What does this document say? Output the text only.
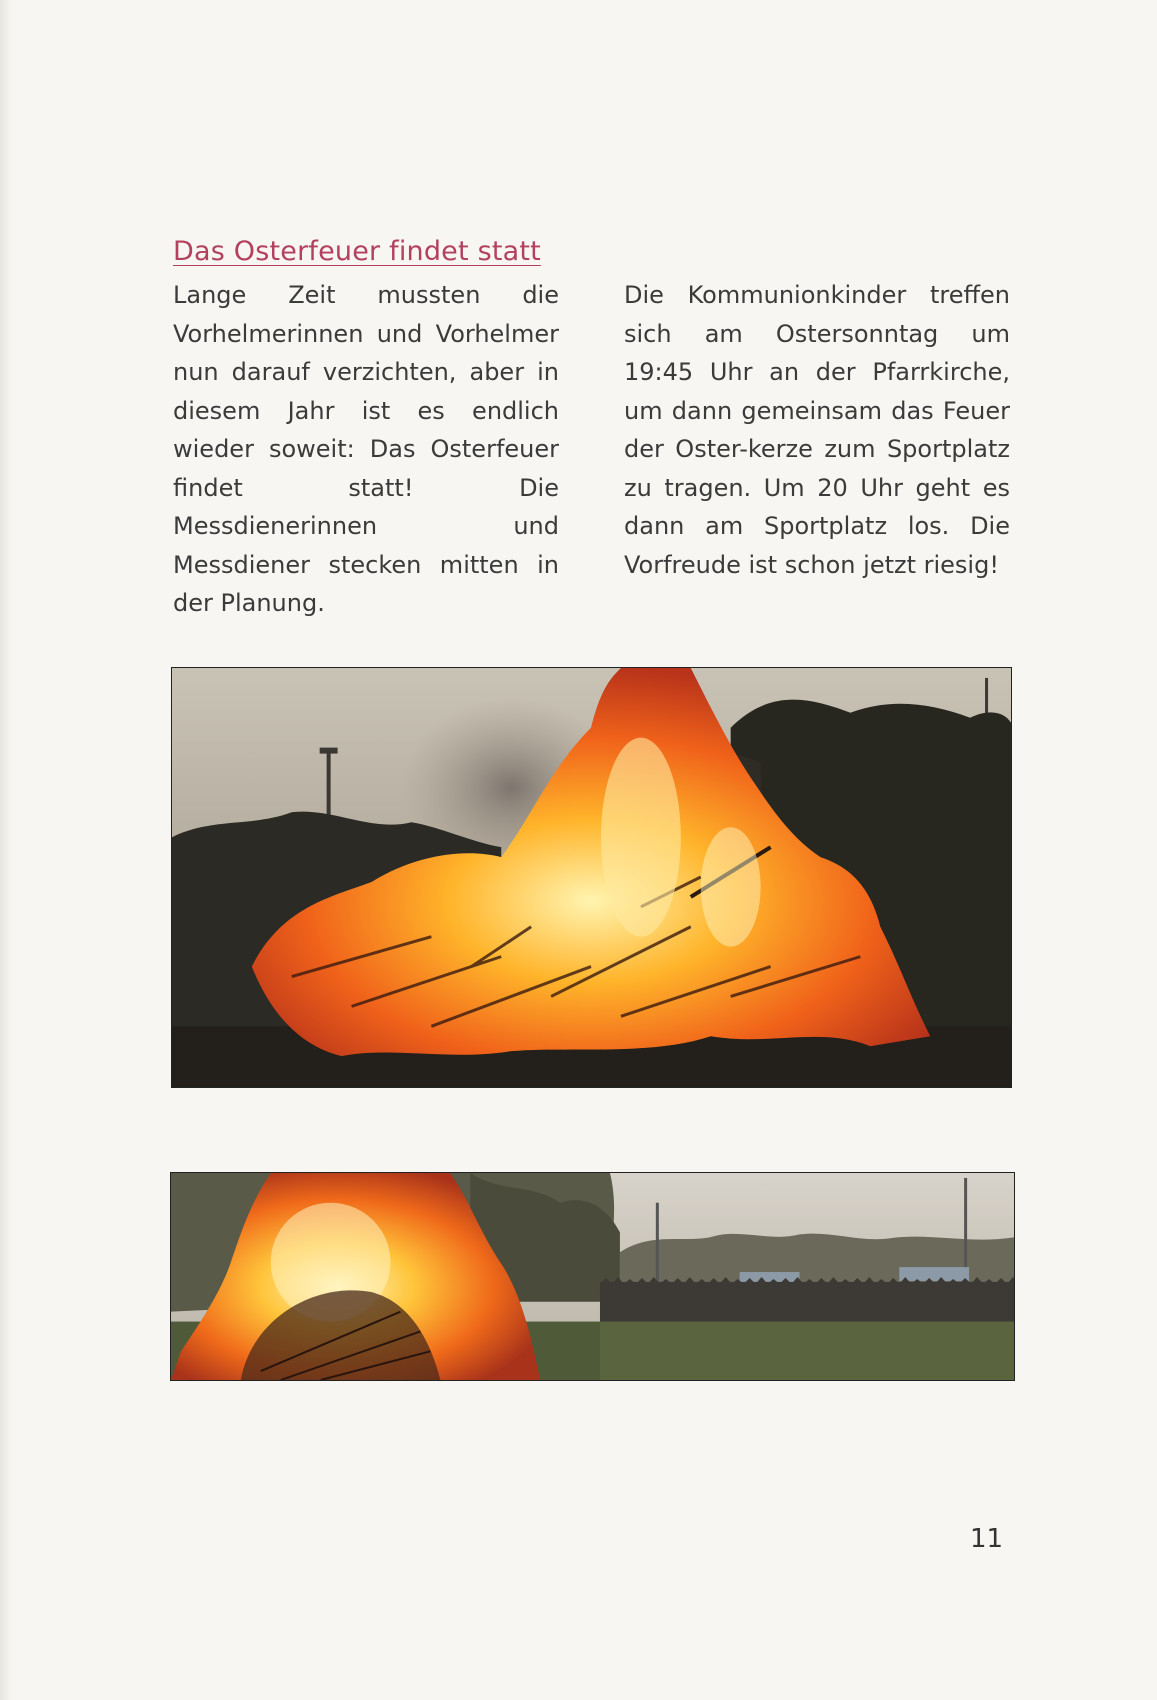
Das Osterfeuer findet statt
Lange Zeit mussten die Vorhelmerinnen und Vorhelmer nun darauf verzichten, aber in diesem Jahr ist es endlich wieder soweit: Das Osterfeuer findet statt! Die Messdienerinnen und Messdiener stecken mitten in der Planung.
Die Kommunionkinder treffen sich am Ostersonntag um 19:45 Uhr an der Pfarrkirche, um dann gemeinsam das Feuer der Oster-kerze zum Sportplatz zu tragen. Um 20 Uhr geht es dann am Sportplatz los. Die Vorfreude ist schon jetzt riesig!
11
